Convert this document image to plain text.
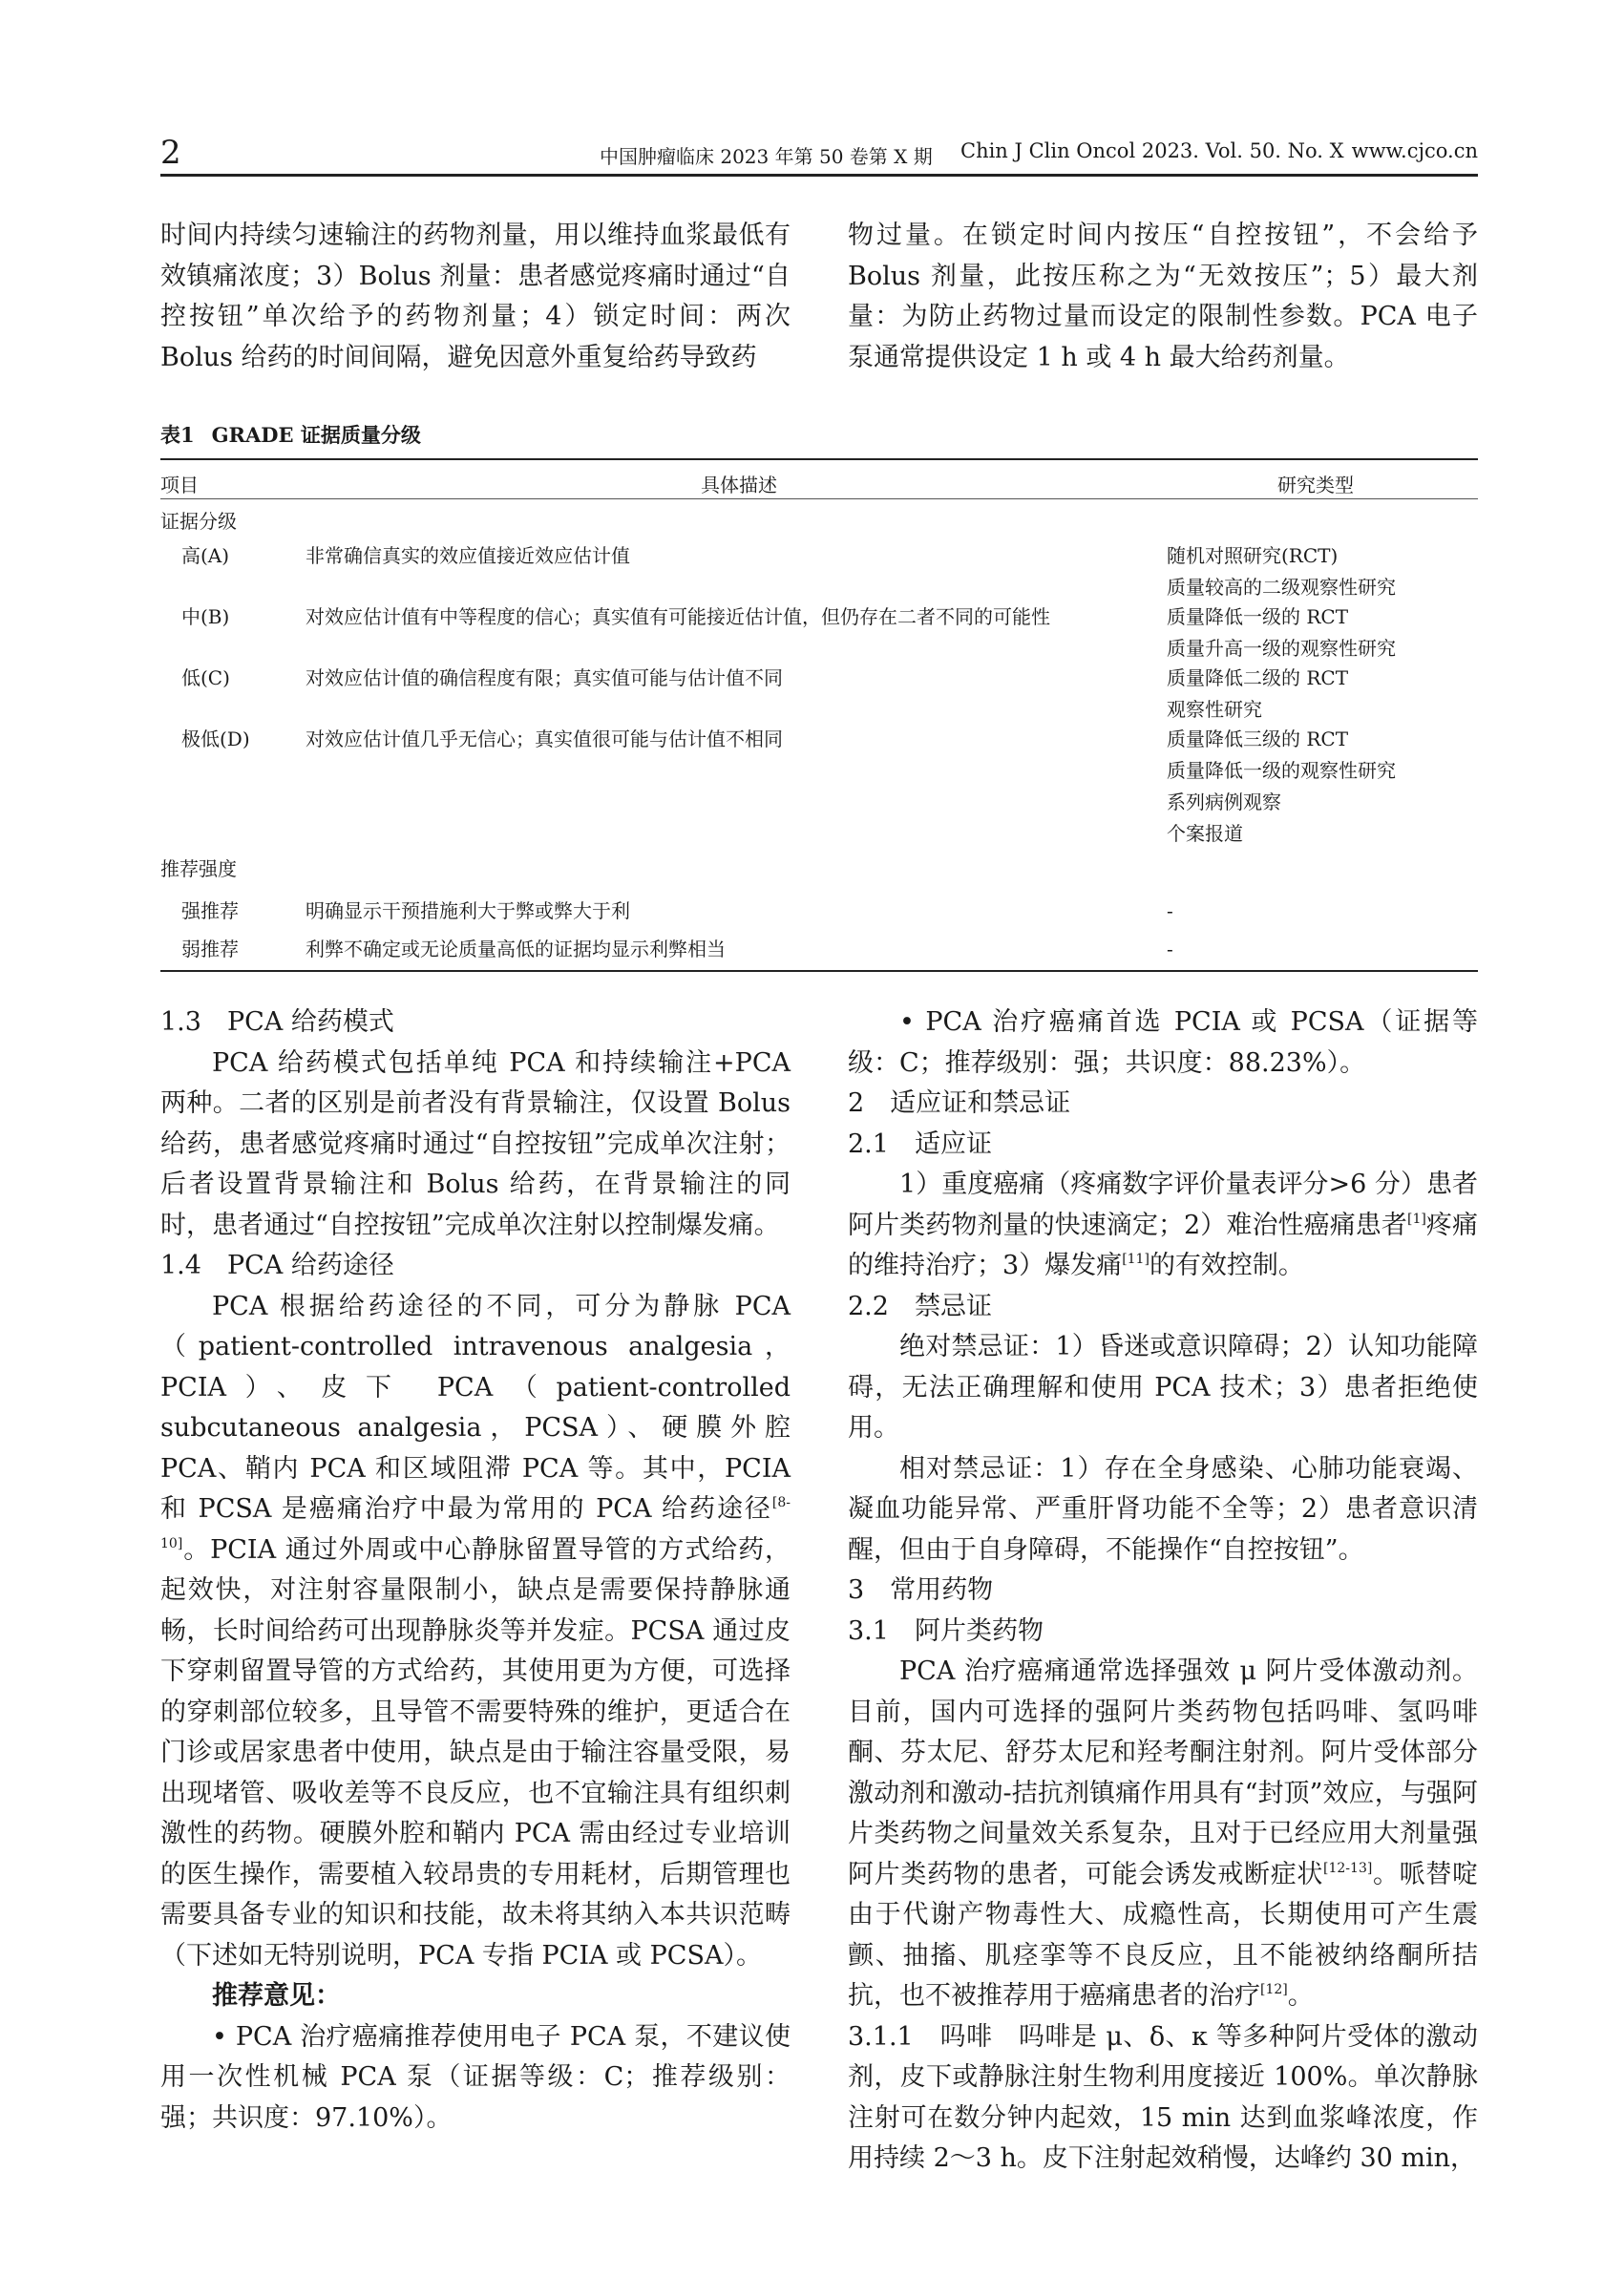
2	中国肿瘤临床 2023 年第 50 卷第 X 期 Chin J Clin Oncol 2023. Vol. 50. No. X www.cjco.cn

时间内持续匀速输注的药物剂量，用以维持血浆最低有效镇痛浓度；3）Bolus 剂量：患者感觉疼痛时通过“自控按钮”单次给予的药物剂量；4）锁定时间：两次 Bolus 给药的时间间隔，避免因意外重复给药导致药

物过量。在锁定时间内按压“自控按钮”，不会给予 Bolus 剂量，此按压称之为“无效按压”；5）最大剂量：为防止药物过量而设定的限制性参数。PCA 电子泵通常提供设定 1 h 或 4 h 最大给药剂量。

表1 GRADE 证据质量分级
项目	具体描述	研究类型
证据分级
高(A)	非常确信真实的效应值接近效应估计值	随机对照研究(RCT)
质量较高的二级观察性研究
中(B)	对效应估计值有中等程度的信心；真实值有可能接近估计值，但仍存在二者不同的可能性	质量降低一级的 RCT
质量升高一级的观察性研究
低(C)	对效应估计值的确信程度有限；真实值可能与估计值不同	质量降低二级的 RCT
观察性研究
极低(D)	对效应估计值几乎无信心；真实值很可能与估计值不相同	质量降低三级的 RCT
质量降低一级的观察性研究
系列病例观察
个案报道
推荐强度
强推荐	明确显示干预措施利大于弊或弊大于利	-
弱推荐	利弊不确定或无论质量高低的证据均显示利弊相当	-

1.3　PCA 给药模式

PCA 给药模式包括单纯 PCA 和持续输注+PCA 两种。二者的区别是前者没有背景输注，仅设置 Bolus 给药，患者感觉疼痛时通过“自控按钮”完成单次注射；后者设置背景输注和 Bolus 给药，在背景输注的同时，患者通过“自控按钮”完成单次注射以控制爆发痛。

1.4　PCA 给药途径

PCA 根据给药途径的不同，可分为静脉 PCA（patient-controlled intravenous analgesia，PCIA）、皮下 PCA（patient-controlled subcutaneous analgesia，PCSA）、硬膜外腔 PCA、鞘内 PCA 和区域阻滞 PCA 等。其中，PCIA 和 PCSA 是癌痛治疗中最为常用的 PCA 给药途径[8-10]。PCIA 通过外周或中心静脉留置导管的方式给药，起效快，对注射容量限制小，缺点是需要保持静脉通畅，长时间给药可出现静脉炎等并发症。PCSA 通过皮下穿刺留置导管的方式给药，其使用更为方便，可选择的穿刺部位较多，且导管不需要特殊的维护，更适合在门诊或居家患者中使用，缺点是由于输注容量受限，易出现堵管、吸收差等不良反应，也不宜输注具有组织刺激性的药物。硬膜外腔和鞘内 PCA 需由经过专业培训的医生操作，需要植入较昂贵的专用耗材，后期管理也需要具备专业的知识和技能，故未将其纳入本共识范畴（下述如无特别说明，PCA 专指 PCIA 或 PCSA）。

推荐意见：

• PCA 治疗癌痛推荐使用电子 PCA 泵，不建议使用一次性机械 PCA 泵（证据等级：C；推荐级别：强；共识度：97.10%）。

• PCA 治疗癌痛首选 PCIA 或 PCSA（证据等级：C；推荐级别：强；共识度：88.23%）。

2　适应证和禁忌证

2.1　适应证

1）重度癌痛（疼痛数字评价量表评分>6 分）患者阿片类药物剂量的快速滴定；2）难治性癌痛患者[1]疼痛的维持治疗；3）爆发痛[11]的有效控制。

2.2　禁忌证

绝对禁忌证：1）昏迷或意识障碍；2）认知功能障碍，无法正确理解和使用 PCA 技术；3）患者拒绝使用。

相对禁忌证：1）存在全身感染、心肺功能衰竭、凝血功能异常、严重肝肾功能不全等；2）患者意识清醒，但由于自身障碍，不能操作“自控按钮”。

3　常用药物

3.1　阿片类药物

PCA 治疗癌痛通常选择强效 μ 阿片受体激动剂。目前，国内可选择的强阿片类药物包括吗啡、氢吗啡酮、芬太尼、舒芬太尼和羟考酮注射剂。阿片受体部分激动剂和激动-拮抗剂镇痛作用具有“封顶”效应，与强阿片类药物之间量效关系复杂，且对于已经应用大剂量强阿片类药物的患者，可能会诱发戒断症状[12-13]。哌替啶由于代谢产物毒性大、成瘾性高，长期使用可产生震颤、抽搐、肌痉挛等不良反应，且不能被纳络酮所拮抗，也不被推荐用于癌痛患者的治疗[12]。

3.1.1　吗啡　吗啡是 μ、δ、κ 等多种阿片受体的激动剂，皮下或静脉注射生物利用度接近 100%。单次静脉注射可在数分钟内起效，15 min 达到血浆峰浓度，作用持续 2～3 h。皮下注射起效稍慢，达峰约 30 min，
